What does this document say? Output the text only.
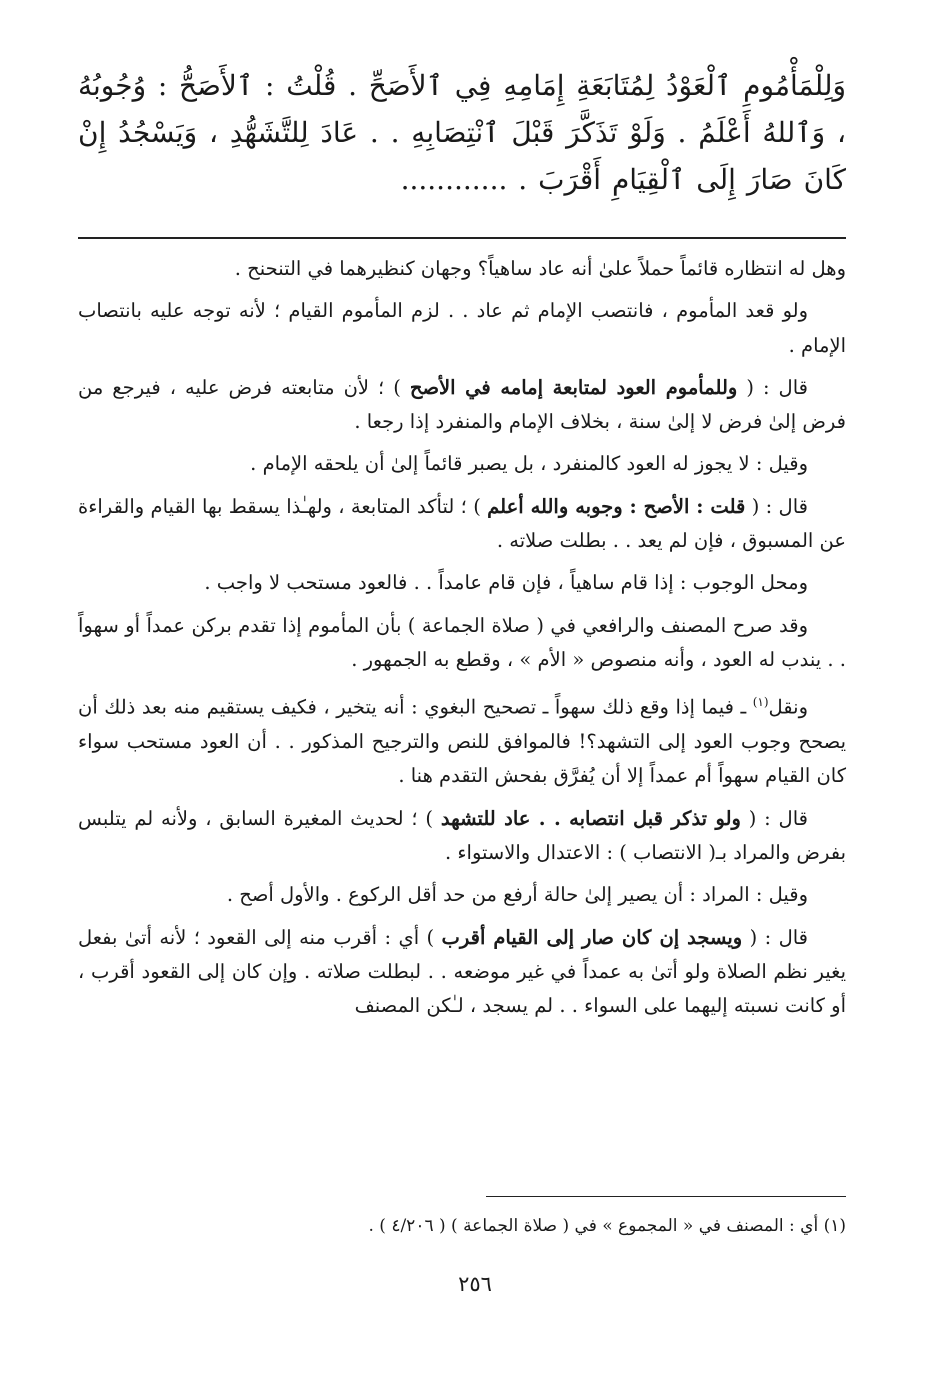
وَلِلْمَأْمُومِ ٱلْعَوْدُ لِمُتَابَعَةِ إِمَامِهِ فِي ٱلأَصَحِّ . قُلْتُ : ٱلأَصَحُّ : وُجُوبُهُ ، وَٱللهُ أَعْلَمُ . وَلَوْ تَذَكَّرَ قَبْلَ ٱنْتِصَابِهِ . . عَادَ لِلتَّشَهُّدِ ، وَيَسْجُدُ إِنْ كَانَ صَارَ إِلَى ٱلْقِيَامِ أَقْرَبَ . ............

وهل له انتظاره قائماً حملاً علىٰ أنه عاد ساهياً؟ وجهان كنظيرهما في التنحنح .

ولو قعد المأموم ، فانتصب الإمام ثم عاد . . لزم المأموم القيام ؛ لأنه توجه عليه بانتصاب الإمام .

قال : ( وللمأموم العود لمتابعة إمامه في الأصح ) ؛ لأن متابعته فرض عليه ، فيرجع من فرض إلىٰ فرض لا إلىٰ سنة ، بخلاف الإمام والمنفرد إذا رجعا .

وقيل : لا يجوز له العود كالمنفرد ، بل يصبر قائماً إلىٰ أن يلحقه الإمام .

قال : ( قلت : الأصح : وجوبه والله أعلم ) ؛ لتأكد المتابعة ، ولهـٰذا يسقط بها القيام والقراءة عن المسبوق ، فإن لم يعد . . بطلت صلاته .

ومحل الوجوب : إذا قام ساهياً ، فإن قام عامداً . . فالعود مستحب لا واجب .

وقد صرح المصنف والرافعي في ( صلاة الجماعة ) بأن المأموم إذا تقدم بركن عمداً أو سهواً . . يندب له العود ، وأنه منصوص « الأم » ، وقطع به الجمهور .

ونقل$^{(١)}$ ـ فيما إذا وقع ذلك سهواً ـ تصحيح البغوي : أنه يتخير ، فكيف يستقيم منه بعد ذلك أن يصحح وجوب العود إلى التشهد؟! فالموافق للنص والترجيح المذكور . . أن العود مستحب سواء كان القيام سهواً أم عمداً إلا أن يُفرَّق بفحش التقدم هنا .

قال : ( ولو تذكر قبل انتصابه . . عاد للتشهد ) ؛ لحديث المغيرة السابق ، ولأنه لم يتلبس بفرض والمراد بـ( الانتصاب ) : الاعتدال والاستواء .

وقيل : المراد : أن يصير إلىٰ حالة أرفع من حد أقل الركوع . والأول أصح .

قال : ( ويسجد إن كان صار إلى القيام أقرب ) أي : أقرب منه إلى القعود ؛ لأنه أتىٰ بفعل يغير نظم الصلاة ولو أتىٰ به عمداً في غير موضعه . . لبطلت صلاته . وإن كان إلى القعود أقرب ، أو كانت نسبته إليهما على السواء . . لم يسجد ، لـٰكن المصنف

(١) أي : المصنف في « المجموع » في ( صلاة الجماعة ) ( ٤/٢٠٦ ) .
٢٥٦
